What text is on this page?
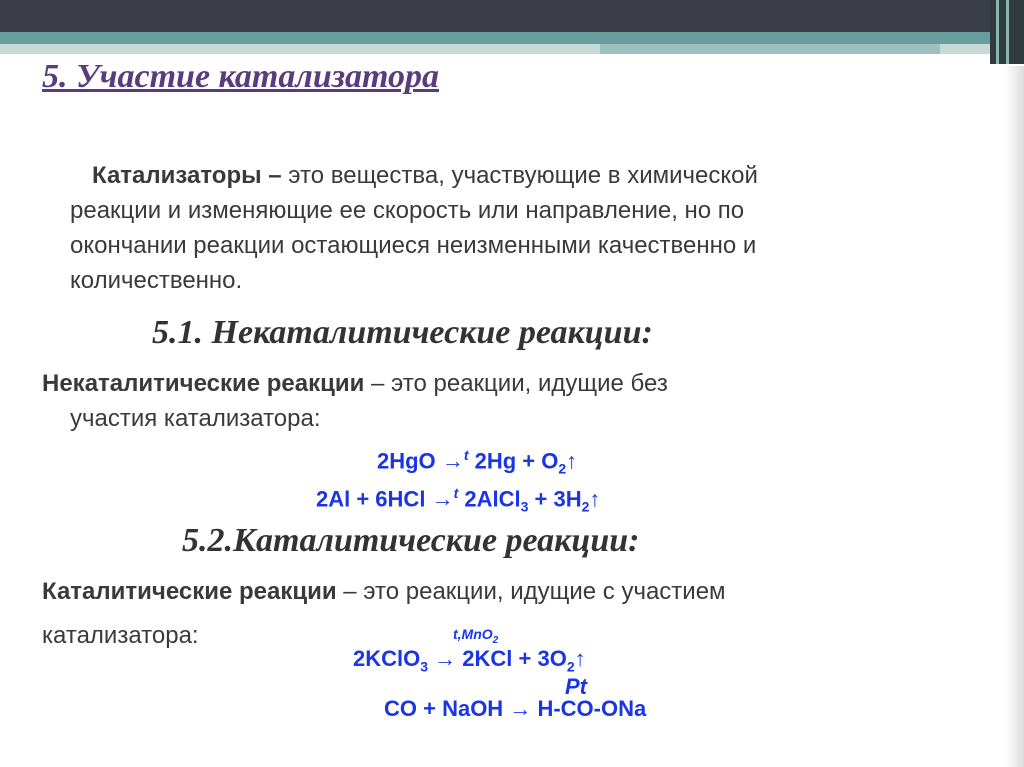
5. Участие катализатора
Катализаторы – это вещества, участвующие в химической
реакции и изменяющие ее скорость или направление, но по
окончании реакции остающиеся неизменными качественно и
количественно.
5.1. Некаталитические реакции:
Некаталитические реакции – это реакции, идущие без
участия катализатора:
2HgO →$^t$ $2Hg + O_2↑$
2Al + 6HCl →$^t$ 2AlCl$_3$ + $3H_2↑$
5.2.Каталитические реакции:
Каталитические реакции – это реакции, идущие с участием
катализатора:	t,MnO$_2$
2KClO$_3$ → $2KCl + 3O_2↑$
Pt
CO + NaOH → H-CO-ONa
